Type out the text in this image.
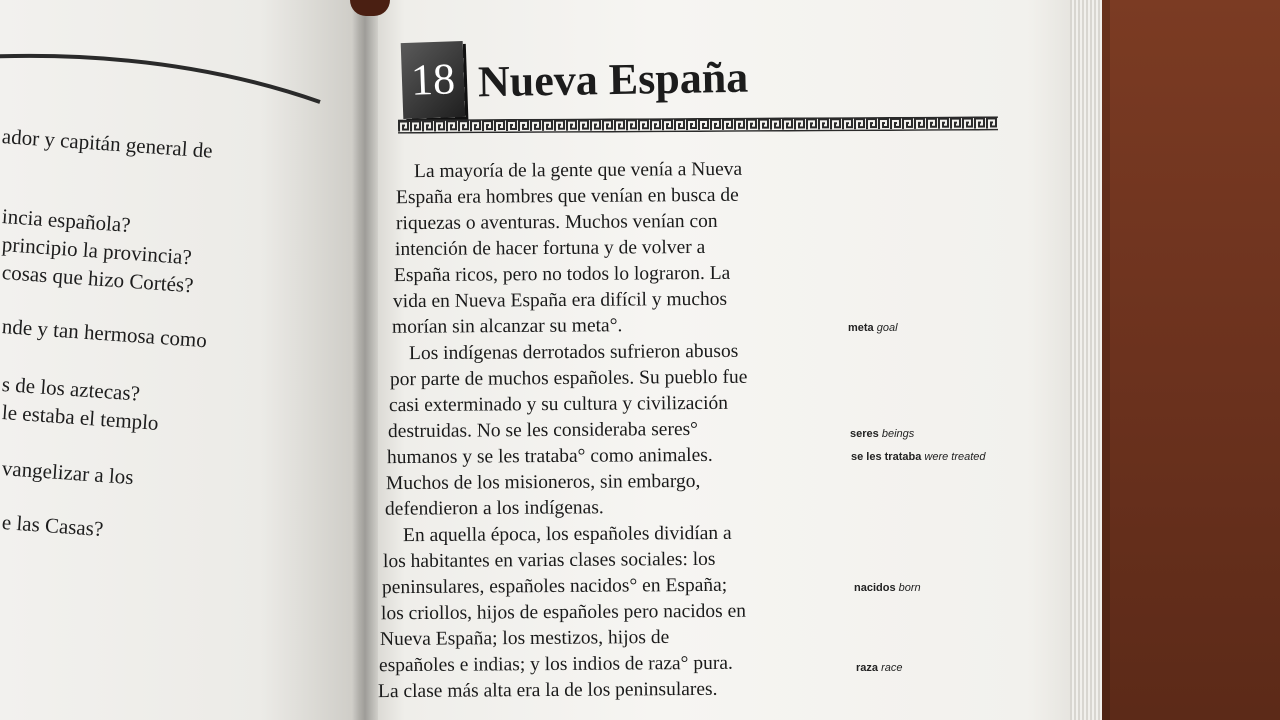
ador y capitán general de
incia española?
principio la provincia?
cosas que hizo Cortés?
nde y tan hermosa como
s de los aztecas?
le estaba el templo
vangelizar a los
e las Casas?
18 Nueva España
La mayoría de la gente que venía a Nueva
España era hombres que venían en busca de
riquezas o aventuras. Muchos venían con
intención de hacer fortuna y de volver a
España ricos, pero no todos lo lograron. La
vida en Nueva España era difícil y muchos
morían sin alcanzar su meta°.
Los indígenas derrotados sufrieron abusos
por parte de muchos españoles. Su pueblo fue
casi exterminado y su cultura y civilización
destruidas. No se les consideraba seres°
humanos y se les trataba° como animales.
Muchos de los misioneros, sin embargo,
defendieron a los indígenas.
En aquella época, los españoles dividían a
los habitantes en varias clases sociales: los
peninsulares, españoles nacidos° en España;
los criollos, hijos de españoles pero nacidos en
Nueva España; los mestizos, hijos de
españoles e indias; y los indios de raza° pura.
La clase más alta era la de los peninsulares.
meta goal
seres beings
se les trataba were treated
nacidos born
raza race
